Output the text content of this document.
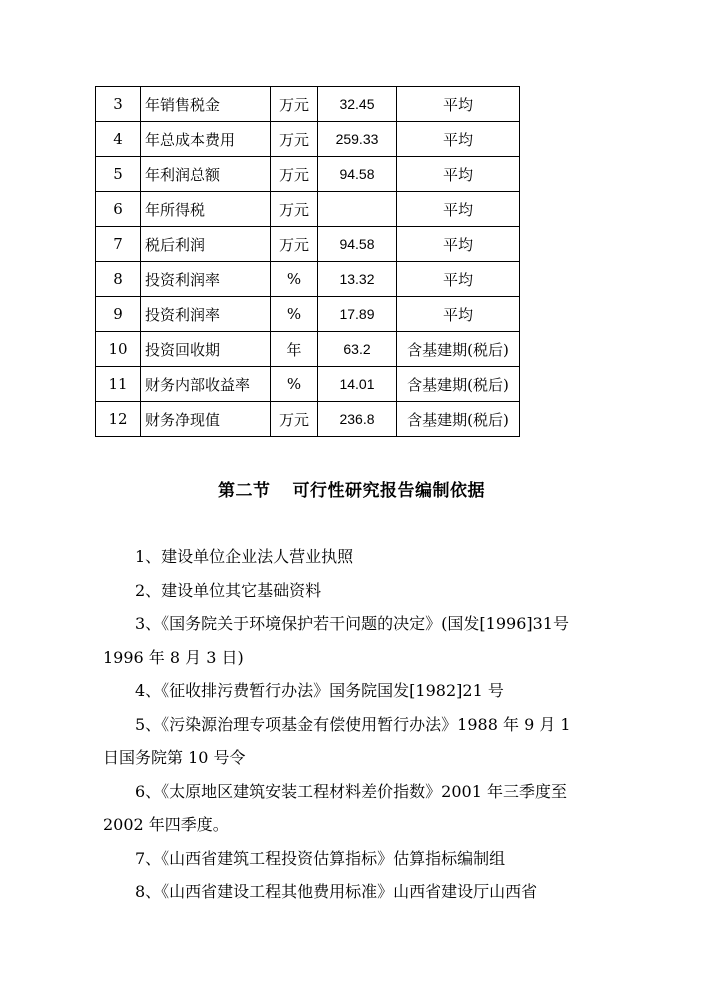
3	年销售税金	万元	32.45	平均
4	年总成本费用	万元	259.33	平均
5	年利润总额	万元	94.58	平均
6	年所得税	万元		平均
7	税后利润	万元	94.58	平均
8	投资利润率	%	13.32	平均
9	投资利润率	%	17.89	平均
10	投资回收期	年	63.2	含基建期(税后)
11	财务内部收益率	%	14.01	含基建期(税后)
12	财务净现值	万元	236.8	含基建期(税后)
第二节 可行性研究报告编制依据

1、建设单位企业法人营业执照

2、建设单位其它基础资料

3、《国务院关于环境保护若干问题的决定》(国发[1996]31号 1996 年 8 月 3 日)

4、《征收排污费暂行办法》国务院国发[1982]21 号

5、《污染源治理专项基金有偿使用暂行办法》1988 年 9 月 1 日国务院第 10 号令

6、《太原地区建筑安装工程材料差价指数》2001 年三季度至 2002 年四季度。

7、《山西省建筑工程投资估算指标》估算指标编制组

8、《山西省建设工程其他费用标准》山西省建设厅山西省
